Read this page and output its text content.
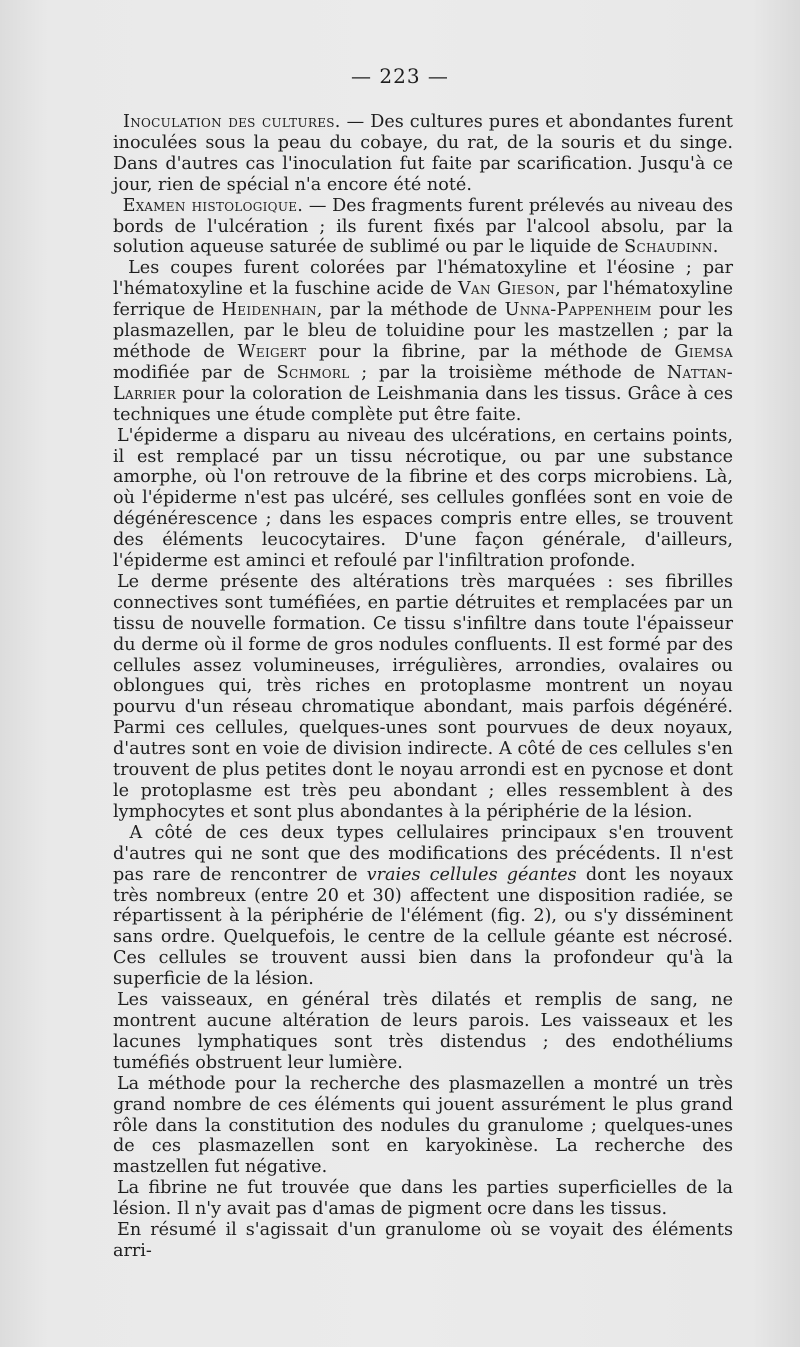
— 223 —

Inoculation des cultures. — Des cultures pures et abondantes furent inoculées sous la peau du cobaye, du rat, de la souris et du singe. Dans d'autres cas l'inoculation fut faite par scarification. Jusqu'à ce jour, rien de spécial n'a encore été noté.

Examen histologique. — Des fragments furent prélevés au niveau des bords de l'ulcération ; ils furent fixés par l'alcool absolu, par la solution aqueuse saturée de sublimé ou par le liquide de Schaudinn.

Les coupes furent colorées par l'hématoxyline et l'éosine ; par l'hématoxyline et la fuschine acide de Van Gieson, par l'hématoxyline ferrique de Heidenhain, par la méthode de Unna-Pappenheim pour les plasmazellen, par le bleu de toluidine pour les mastzellen ; par la méthode de Weigert pour la fibrine, par la méthode de Giemsa modifiée par de Schmorl ; par la troisième méthode de Nattan-Larrier pour la coloration de Leishmania dans les tissus. Grâce à ces techniques une étude complète put être faite.

L'épiderme a disparu au niveau des ulcérations, en certains points, il est remplacé par un tissu nécrotique, ou par une substance amorphe, où l'on retrouve de la fibrine et des corps microbiens. Là, où l'épiderme n'est pas ulcéré, ses cellules gonflées sont en voie de dégénérescence ; dans les espaces compris entre elles, se trouvent des éléments leucocytaires. D'une façon générale, d'ailleurs, l'épiderme est aminci et refoulé par l'infiltration profonde.

Le derme présente des altérations très marquées : ses fibrilles connectives sont tuméfiées, en partie détruites et remplacées par un tissu de nouvelle formation. Ce tissu s'infiltre dans toute l'épaisseur du derme où il forme de gros nodules confluents. Il est formé par des cellules assez volumineuses, irrégulières, arrondies, ovalaires ou oblongues qui, très riches en protoplasme montrent un noyau pourvu d'un réseau chromatique abondant, mais parfois dégénéré. Parmi ces cellules, quelques-unes sont pourvues de deux noyaux, d'autres sont en voie de division indirecte. A côté de ces cellules s'en trouvent de plus petites dont le noyau arrondi est en pycnose et dont le protoplasme est très peu abondant ; elles ressemblent à des lymphocytes et sont plus abondantes à la périphérie de la lésion.

A côté de ces deux types cellulaires principaux s'en trouvent d'autres qui ne sont que des modifications des précédents. Il n'est pas rare de rencontrer de vraies cellules géantes dont les noyaux très nombreux (entre 20 et 30) affectent une disposition radiée, se répartissent à la périphérie de l'élément (fig. 2), ou s'y disséminent sans ordre. Quelquefois, le centre de la cellule géante est nécrosé. Ces cellules se trouvent aussi bien dans la profondeur qu'à la superficie de la lésion.

Les vaisseaux, en général très dilatés et remplis de sang, ne montrent aucune altération de leurs parois. Les vaisseaux et les lacunes lymphatiques sont très distendus ; des endothéliums tuméfiés obstruent leur lumière.

La méthode pour la recherche des plasmazellen a montré un très grand nombre de ces éléments qui jouent assurément le plus grand rôle dans la constitution des nodules du granulome ; quelques-unes de ces plasmazellen sont en karyokinèse. La recherche des mastzellen fut négative.

La fibrine ne fut trouvée que dans les parties superficielles de la lésion. Il n'y avait pas d'amas de pigment ocre dans les tissus.

En résumé il s'agissait d'un granulome où se voyait des éléments arri-
